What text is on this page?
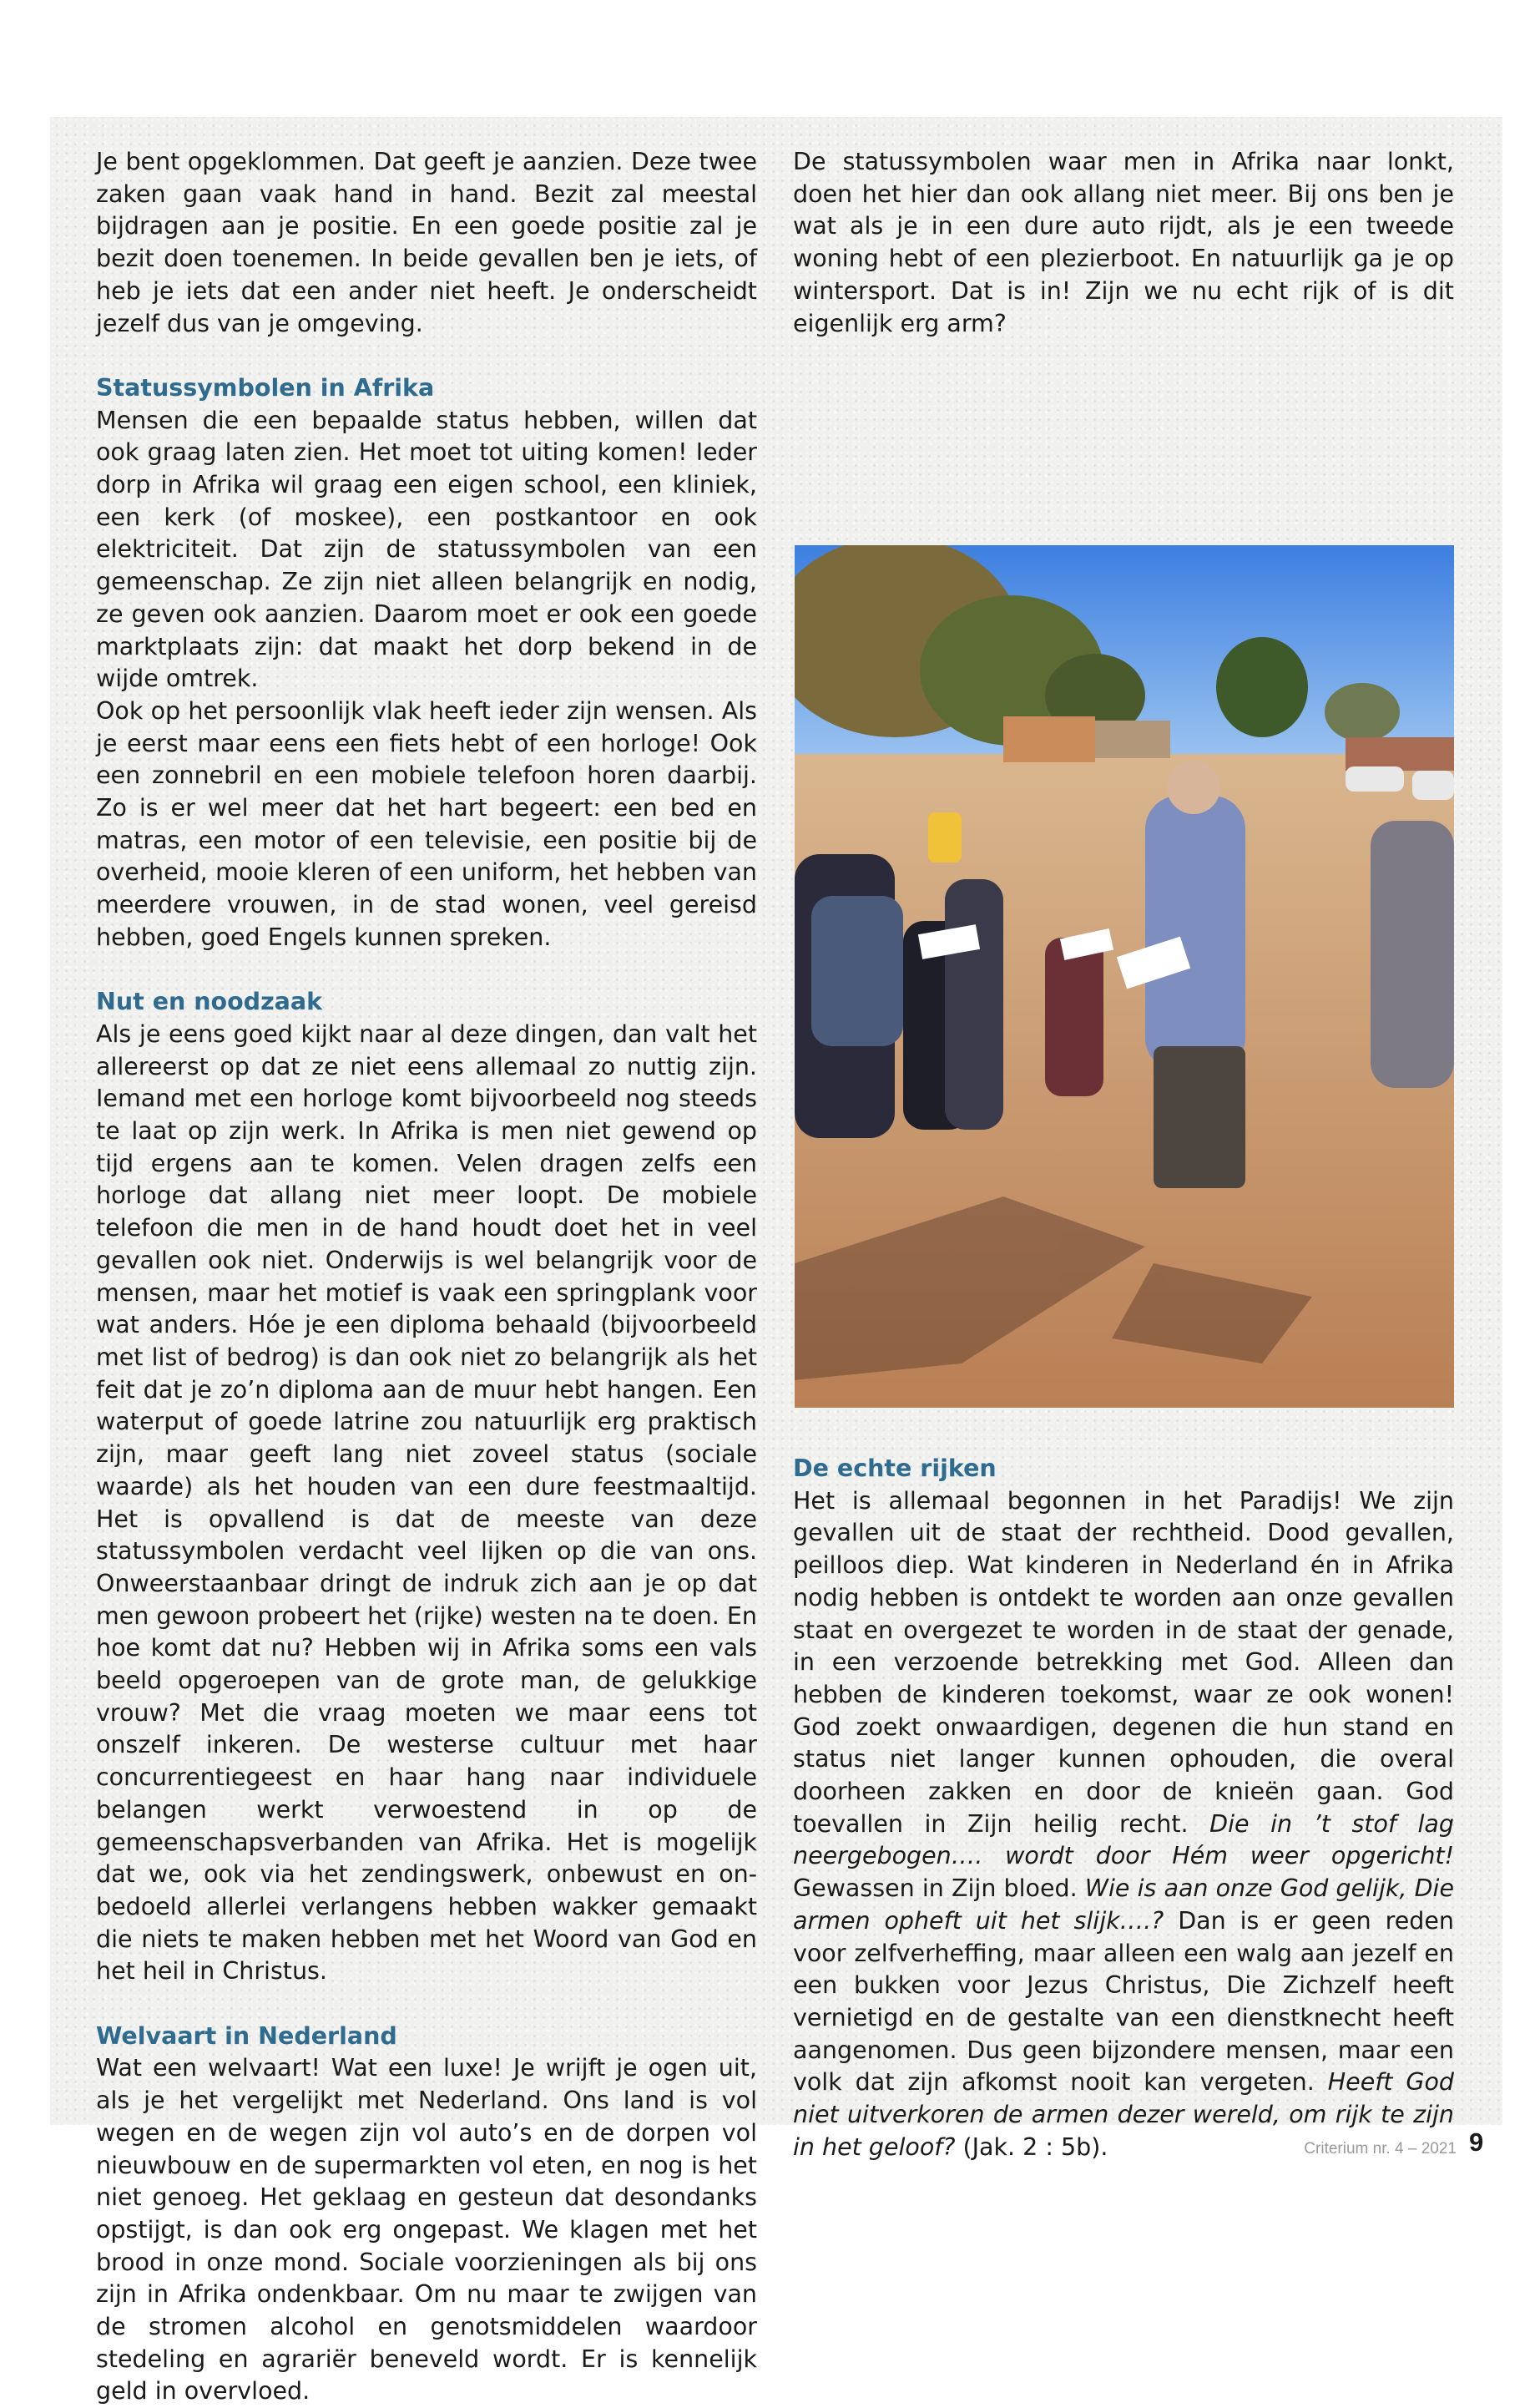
Je bent opgeklommen. Dat geeft je aanzien. Deze twee zaken gaan vaak hand in hand. Bezit zal meestal bijdragen aan je positie. En een goede positie zal je bezit doen toenemen. In beide gevallen ben je iets, of heb je iets dat een ander niet heeft. Je onderscheidt jezelf dus van je omgeving.

Statussymbolen in Afrika

Mensen die een bepaalde status hebben, willen dat ook graag laten zien. Het moet tot uiting komen! Ieder dorp in Afrika wil graag een eigen school, een kliniek, een kerk (of moskee), een postkantoor en ook elektriciteit. Dat zijn de statussymbolen van een gemeenschap. Ze zijn niet alleen belangrijk en nodig, ze geven ook aanzien. Daarom moet er ook een goede marktplaats zijn: dat maakt het dorp bekend in de wijde omtrek.

Ook op het persoonlijk vlak heeft ieder zijn wensen. Als je eerst maar eens een fiets hebt of een horloge! Ook een zonnebril en een mobiele telefoon horen daarbij. Zo is er wel meer dat het hart begeert: een bed en matras, een motor of een televisie, een positie bij de overheid, mooie kleren of een uniform, het hebben van meerdere vrouwen, in de stad wonen, veel gereisd hebben, goed Engels kunnen spreken.

Nut en noodzaak

Als je eens goed kijkt naar al deze dingen, dan valt het allereerst op dat ze niet eens allemaal zo nuttig zijn. Iemand met een horloge komt bijvoorbeeld nog steeds te laat op zijn werk. In Afrika is men niet gewend op tijd ergens aan te komen. Velen dragen zelfs een horloge dat allang niet meer loopt. De mobiele telefoon die men in de hand houdt doet het in veel gevallen ook niet. Onderwijs is wel belangrijk voor de mensen, maar het motief is vaak een springplank voor wat anders. Hóe je een diploma behaald (bijvoorbeeld met list of bedrog) is dan ook niet zo belangrijk als het feit dat je zo’n diploma aan de muur hebt hangen. Een waterput of goede latrine zou natuurlijk erg praktisch zijn, maar geeft lang niet zoveel status (sociale waarde) als het houden van een dure feestmaaltijd. Het is opvallend is dat de meeste van deze statussymbolen verdacht veel lijken op die van ons. Onweerstaanbaar dringt de indruk zich aan je op dat men gewoon probeert het (rijke) westen na te doen. En hoe komt dat nu? Hebben wij in Afrika soms een vals beeld opgeroepen van de grote man, de gelukkige vrouw? Met die vraag moeten we maar eens tot onszelf inkeren. De westerse cultuur met haar concurrentiegeest en haar hang naar individuele belangen werkt verwoestend in op de gemeenschapsverbanden van Afrika. Het is mogelijk dat we, ook via het zendingswerk, onbewust en onbedoeld allerlei verlangens hebben wakker gemaakt die niets te maken hebben met het Woord van God en het heil in Christus.

Welvaart in Nederland

Wat een welvaart! Wat een luxe! Je wrijft je ogen uit, als je het vergelijkt met Nederland. Ons land is vol wegen en de wegen zijn vol auto’s en de dorpen vol nieuwbouw en de supermarkten vol eten, en nog is het niet genoeg. Het geklaag en gesteun dat desondanks opstijgt, is dan ook erg ongepast. We klagen met het brood in onze mond. Sociale voorzieningen als bij ons zijn in Afrika ondenkbaar. Om nu maar te zwijgen van de stromen alcohol en genotsmiddelen waardoor stedeling en agrariër beneveld wordt. Er is kennelijk geld in overvloed.

De statussymbolen waar men in Afrika naar lonkt, doen het hier dan ook allang niet meer. Bij ons ben je wat als je in een dure auto rijdt, als je een tweede woning hebt of een plezierboot. En natuurlijk ga je op wintersport. Dat is in! Zijn we nu echt rijk of is dit eigenlijk erg arm?

De echte rijken

Het is allemaal begonnen in het Paradijs! We zijn gevallen uit de staat der rechtheid. Dood gevallen, peilloos diep. Wat kinderen in Nederland én in Afrika nodig hebben is ontdekt te worden aan onze gevallen staat en overgezet te worden in de staat der genade, in een verzoende betrekking met God. Alleen dan hebben de kinderen toekomst, waar ze ook wonen! God zoekt onwaardigen, degenen die hun stand en status niet langer kunnen ophouden, die overal doorheen zakken en door de knieën gaan. God toevallen in Zijn heilig recht. Die in ’t stof lag neergebogen…. wordt door Hém weer opgericht! Gewassen in Zijn bloed. Wie is aan onze God gelijk, Die armen opheft uit het slijk….? Dan is er geen reden voor zelfverheffing, maar alleen een walg aan jezelf en een bukken voor Jezus Christus, Die Zichzelf heeft vernietigd en de gestalte van een dienstknecht heeft aangenomen. Dus geen bijzondere mensen, maar een volk dat zijn afkomst nooit kan vergeten. Heeft God niet uitverkoren de armen dezer wereld, om rijk te zijn in het geloof? (Jak. 2 : 5b).	Criterium nr. 4 – 2021 9
